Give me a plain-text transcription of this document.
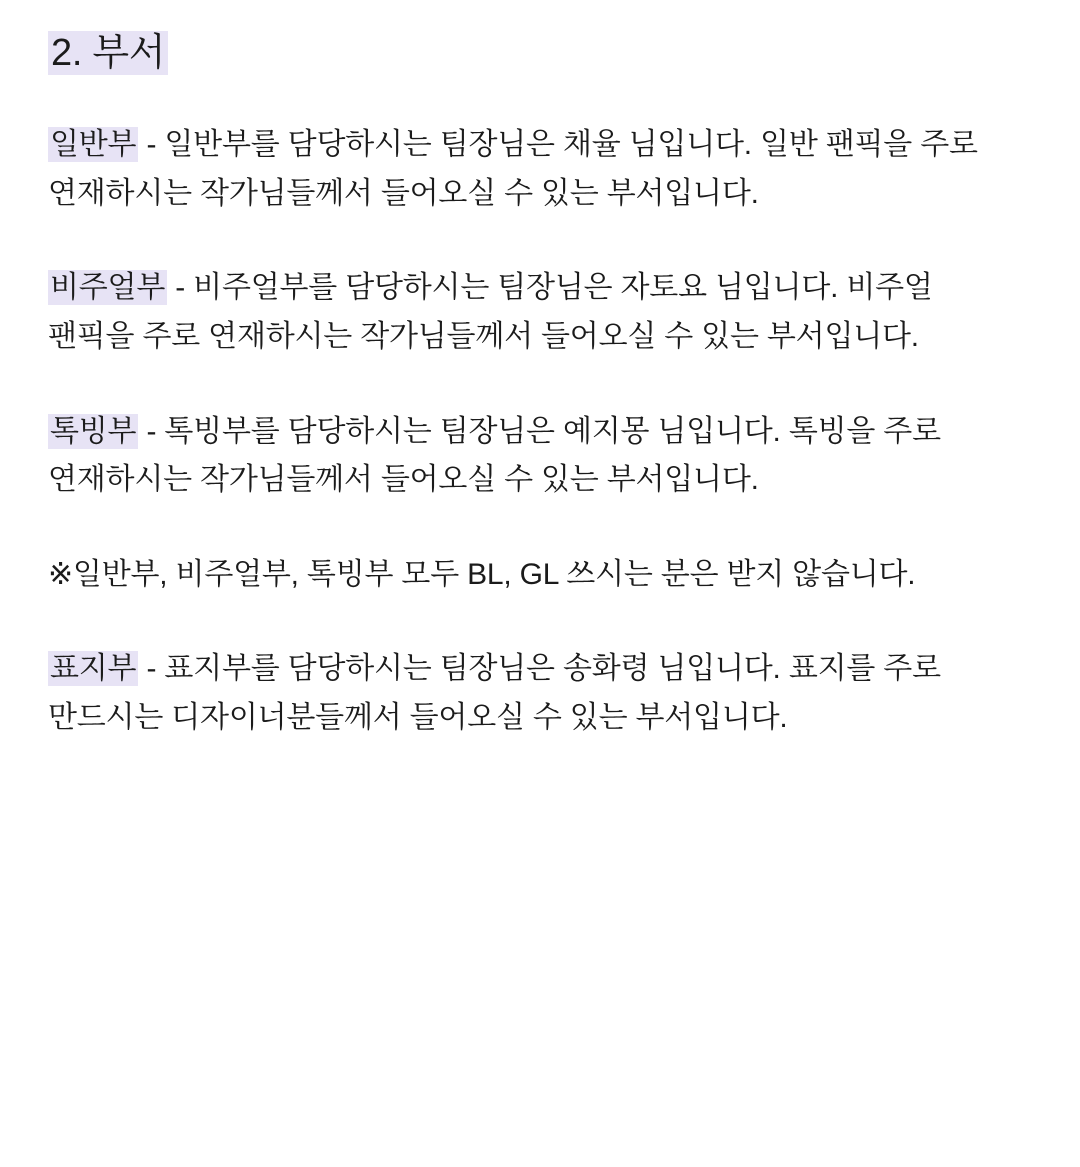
2. 부서

일반부 - 일반부를 담당하시는 팀장님은 채율 님입니다. 일반 팬픽을 주로 연재하시는 작가님들께서 들어오실 수 있는 부서입니다.

비주얼부 - 비주얼부를 담당하시는 팀장님은 자토요 님입니다. 비주얼 팬픽을 주로 연재하시는 작가님들께서 들어오실 수 있는 부서입니다.

톡빙부 - 톡빙부를 담당하시는 팀장님은 예지몽 님입니다. 톡빙을 주로 연재하시는 작가님들께서 들어오실 수 있는 부서입니다.

※일반부, 비주얼부, 톡빙부 모두 BL, GL 쓰시는 분은 받지 않습니다.

표지부 - 표지부를 담당하시는 팀장님은 송화령 님입니다. 표지를 주로 만드시는 디자이너분들께서 들어오실 수 있는 부서입니다.
